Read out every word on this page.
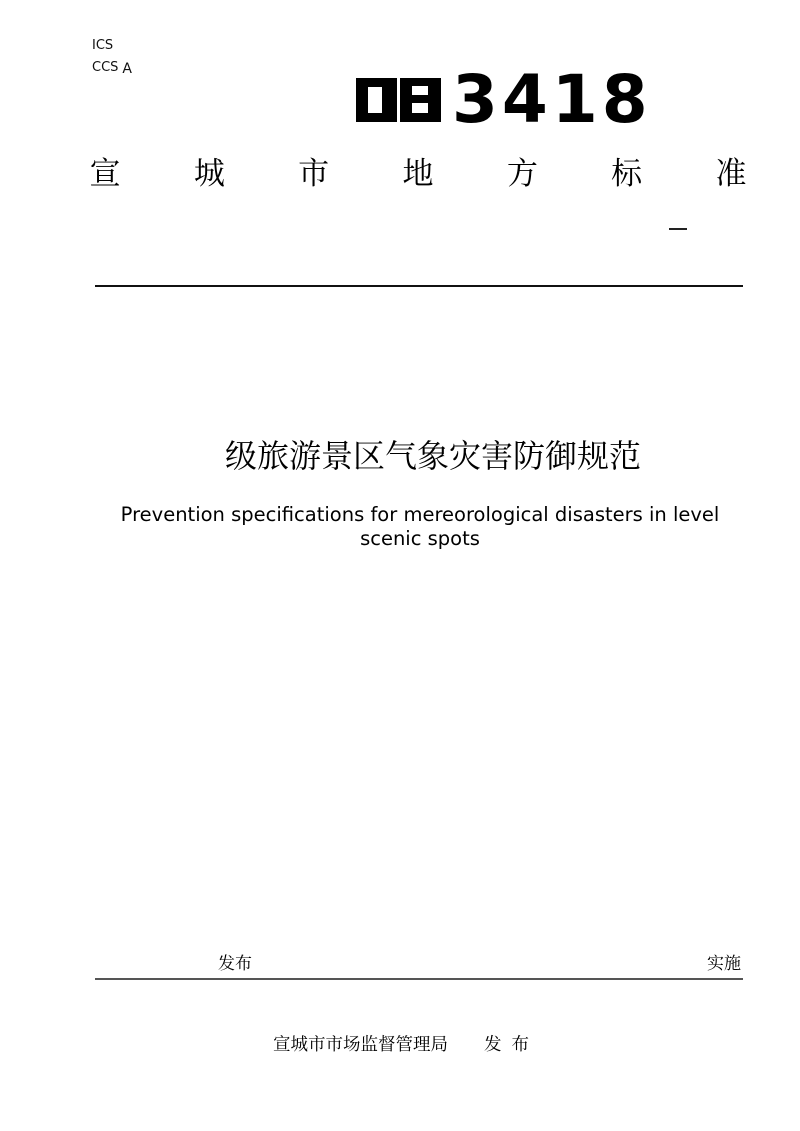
ICS
CCS A	3418
宣 城 市 地 方 标 准
级旅游景区气象灾害防御规范
Prevention specifications for mereorological disasters in level scenic spots
发布	实施
宣城市市场监督管理局 发布
